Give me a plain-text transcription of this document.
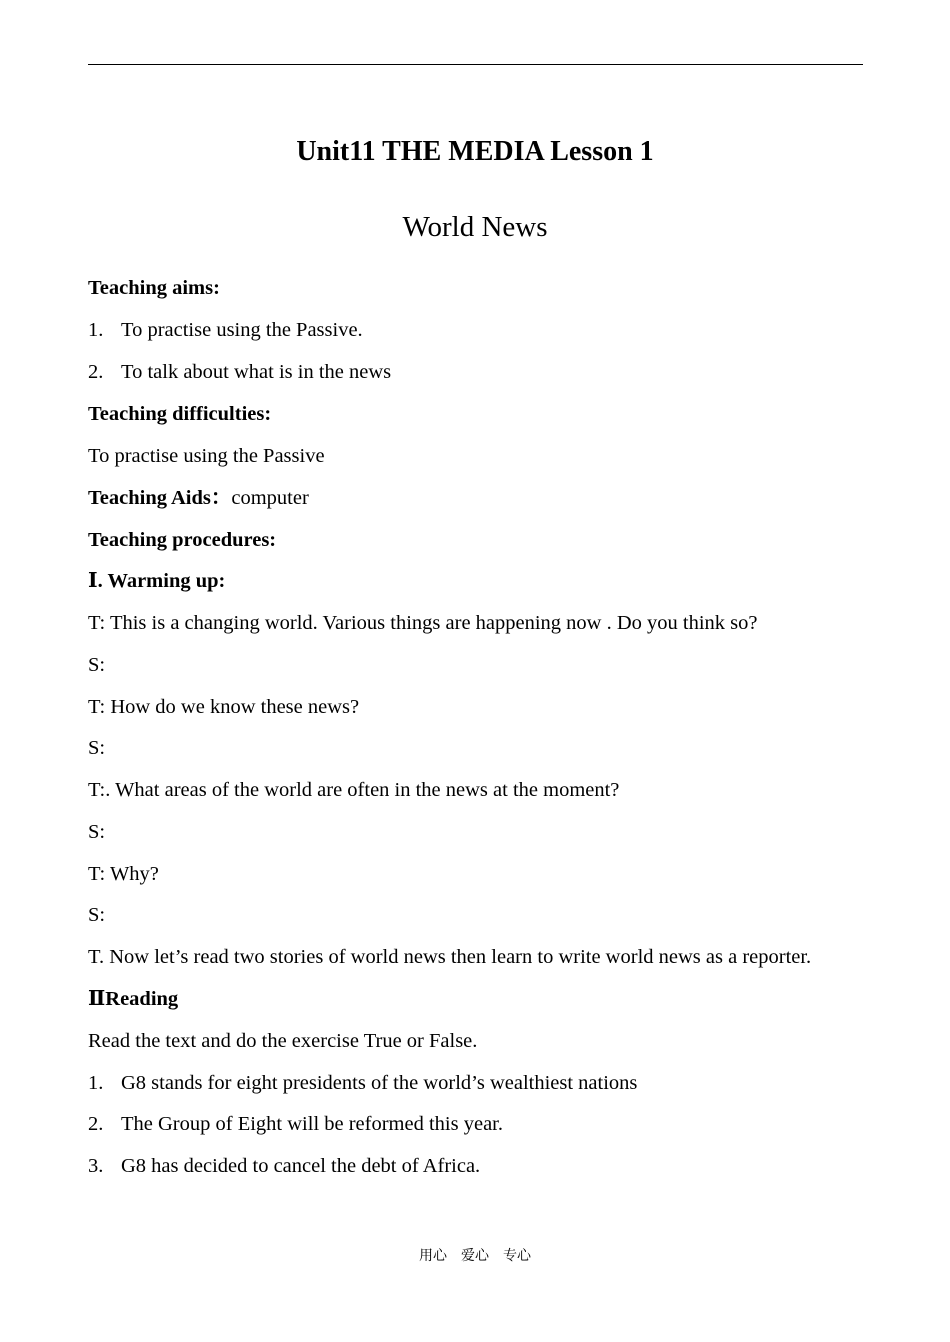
Unit11 THE MEDIA Lesson 1
World News
Teaching aims:
1. To practise using the Passive.
2. To talk about what is in the news
Teaching difficulties:
To practise using the Passive
Teaching Aids：computer
Teaching procedures:
Ⅰ. Warming up:
T: This is a changing world. Various things are happening now . Do you think so?
S:
T: How do we know these news?
S:
T:. What areas of the world are often in the news at the moment?
S:
T: Why?
S:
T. Now let’s read two stories of world news then learn to write world news as a reporter.
ⅡReading
Read the text and do the exercise True or False.
1. G8 stands for eight presidents of the world’s wealthiest nations
2. The Group of Eight will be reformed this year.
3. G8 has decided to cancel the debt of Africa.
用心　爱心　专心
